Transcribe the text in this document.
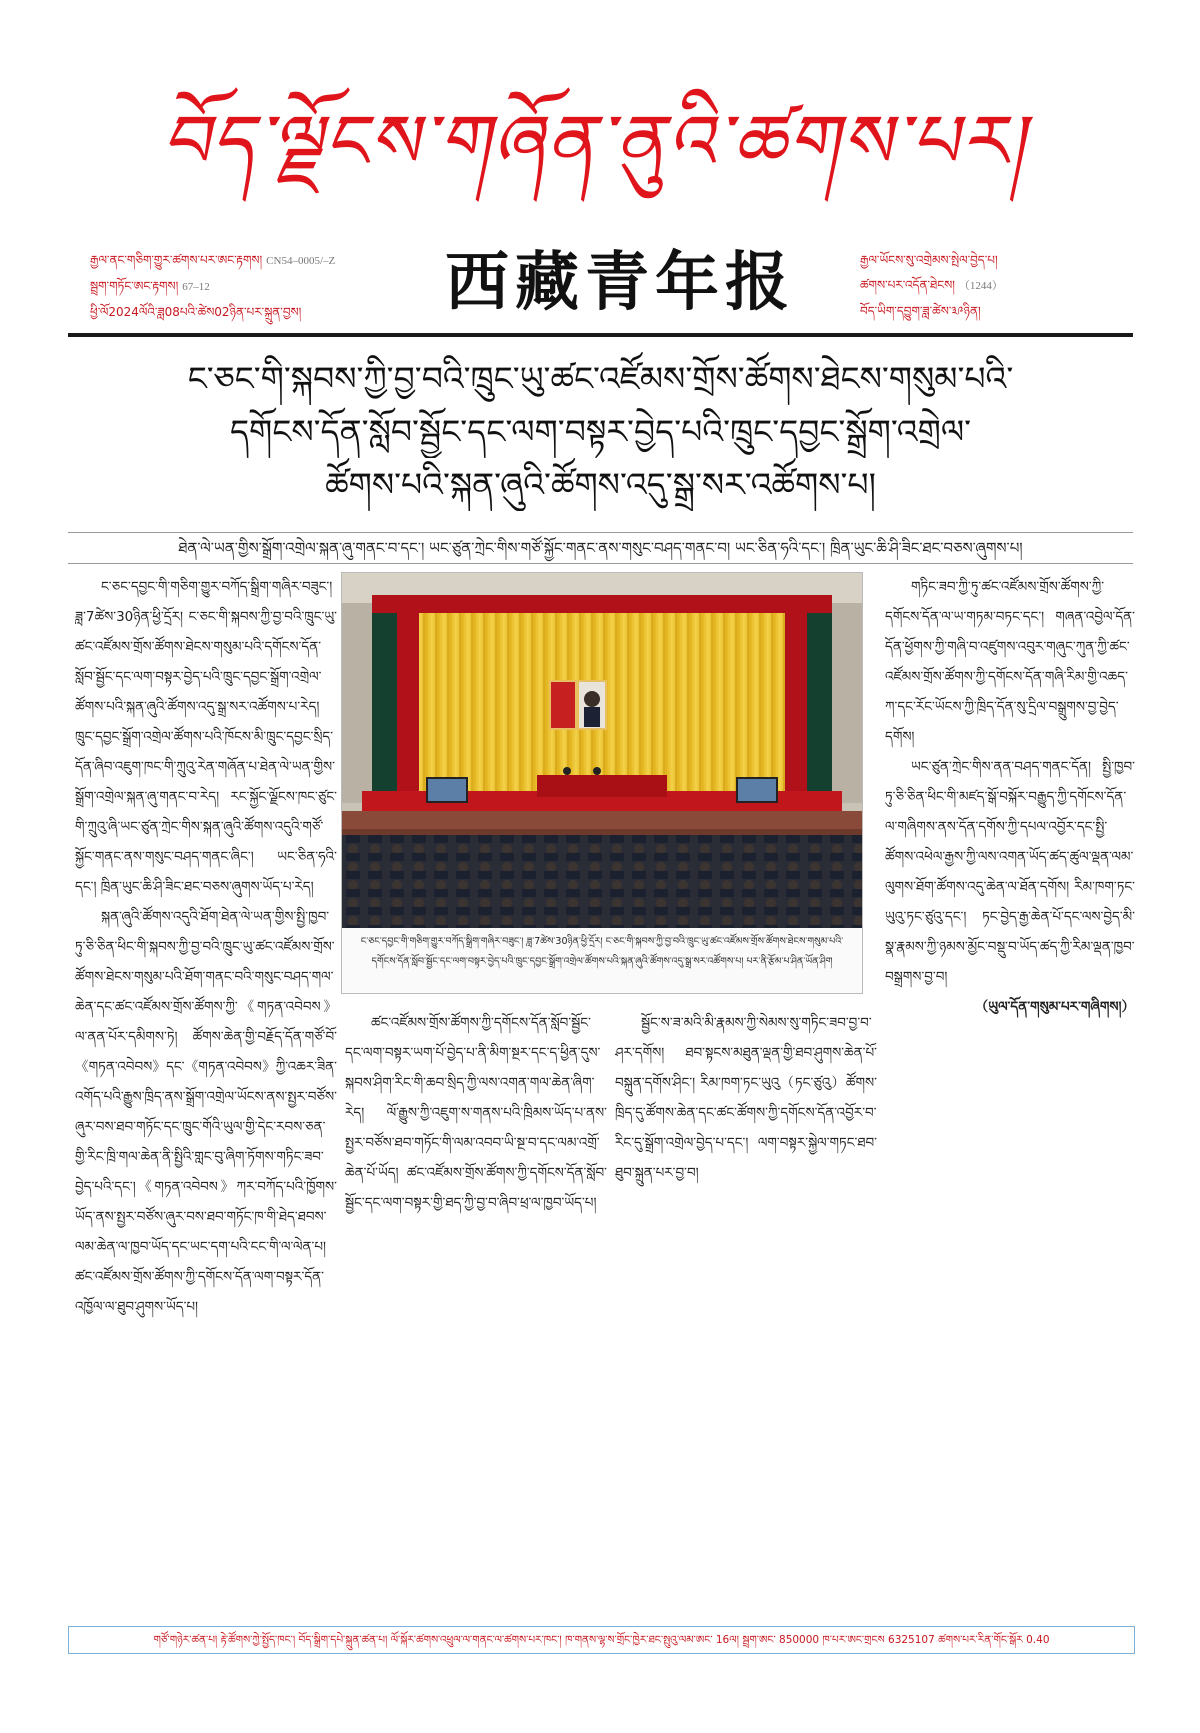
བོད་ལྗོངས་གཞོན་ནུའི་ཚགས་པར།
རྒྱལ་ནང་གཅིག་གྱུར་ཚགས་པར་ཨང་རྟགས། CN54–0005/–Z
སྦྲག་གཏོང་ཨང་རྟགས། 67–12
ཕྱི་ལོ2024ལོའི་ཟླ08པའི་ཚེས02ཉིན་པར་སྐྲུན་བྱས།	西藏青年报	རྒྱལ་ཡོངས་སུ་འགྲེམས་སྤེལ་བྱེད་པ།
ཚགས་པར་འདོན་ཐེངས། （1244）
བོད་ཡིག་དབྱུག་ཟླ་ཚེས་༣༩ཉིན།
ང་ཅང་གི་སྐབས་ཀྱི་བྱ་བའི་ཁྲུང་ཡུ་ཚང་འཛོམས་གྲོས་ཚོགས་ཐེངས་གསུམ་པའི་
དགོངས་དོན་སློབ་སྦྱོང་དང་ལག་བསྟར་བྱེད་པའི་ཁྲུང་དབྱང་སྒྲོག་འགྲེལ་
ཚོགས་པའི་སྐན་ཞུའི་ཚོགས་འདུ་སྒྲ་སར་འཚོགས་པ།
ཐེན་ལེ་ཡན་གྱིས་སྒྲོག་འགྲེལ་སྐན་ཞུ་གནང་བ་དང་། ཡང་ཙུན་ཀྲེང་གིས་གཙོ་སྐྱོང་གནང་ནས་གསུང་བཤད་གནང་བ། ཡང་ཅིན་ཧའི་དང་། ཁྲིན་ཡུང་ཆི་ཤི་ཟིང་ཐང་བཅས་ཞུགས་པ།

ང་ཅང་དབྱང་གི་གཅིག་གྱུར་བཀོད་སྒྲིག་གཞིར་བཟུང་། ཟླ་7ཚེས་30ཉིན་ཕྱི་དྲོར། ང་ཅང་གི་སྐབས་ཀྱི་བྱ་བའི་ཁྲུང་ཡུ་ཚང་འཛོམས་གྲོས་ཚོགས་ཐེངས་གསུམ་པའི་དགོངས་དོན་སློབ་སྦྱོང་དང་ལག་བསྟར་བྱེད་པའི་ཁྲུང་དབྱང་སྒྲོག་འགྲེལ་ཚོགས་པའི་སྐན་ཞུའི་ཚོགས་འདུ་སྒྲ་སར་འཚོགས་པ་རེད། ཁྲུང་དབྱང་སྒྲོག་འགྲེལ་ཚོགས་པའི་ཁོངས་མི་ཁྲུང་དབྱང་སྲིད་དོན་ཞིབ་འཇུག་ཁང་གི་ཀྲུའུ་རེན་གཞོན་པ་ཐེན་ལེ་ཡན་གྱིས་སྒྲོག་འགྲེལ་སྐན་ཞུ་གནང་བ་རེད། རང་སྐྱོང་ལྗོངས་ཁང་ཙུང་གི་ཀྲུའུ་ཞི་ཡང་ཙུན་ཀྲེང་གིས་སྐན་ཞུའི་ཚོགས་འདུའི་གཙོ་སྐྱོང་གནང་ནས་གསུང་བཤད་གནང་ཞིང་། ཡང་ཅིན་ཧའི་དང་། ཁྲིན་ཡུང་ཆི་ཤི་ཟིང་ཐང་བཅས་ཞུགས་ཡོད་པ་རེད།

སྐན་ཞུའི་ཚོགས་འདུའི་ཐོག་ཐེན་ལེ་ཡན་གྱིས་སྤྱི་ཁྱབ་ཏུ་ཅི་ཅིན་ཕིང་གི་སྐབས་ཀྱི་བྱ་བའི་ཁྲུང་ཡུ་ཚང་འཛོམས་གྲོས་ཚོགས་ཐེངས་གསུམ་པའི་ཐོག་གནང་བའི་གསུང་བཤད་གལ་ཆེན་དང་ཚང་འཛོམས་གྲོས་ཚོགས་ཀྱི་《གཏན་འབེབས》ལ་ནན་པོར་དམིགས་ཏེ། ཚོགས་ཆེན་གྱི་བརྗོད་དོན་གཙོ་བོ་《གཏན་འབེབས》དང་《གཏན་འབེབས》ཀྱི་འཆར་ཟིན་འགོད་པའི་རྒྱུས་ཁྲིད་ནས་སྒྲོག་འགྲེལ་ཡོངས་ནས་སྤྱར་བཙོས་ཞུར་བས་ཐབ་གཏོང་དང་ཁྲུང་གོའི་ཡུལ་གྱི་དེང་རབས་ཅན་གྱི་རིང་ཁྲི་གལ་ཆེན་ནི་སྤྱིའི་གླང་བུ་ཞིག་ཏོགས་གཏིང་ཟབ་བྱེད་པའི་དང་།《གཏན་འབེབས》ཀར་བཀོད་པའི་ཁྱོགས་ཡོད་ནས་སྤྱར་བཙོས་ཞུར་བས་ཐབ་གཏོང་ཁ་གི་ཐེད་ཐབས་ལམ་ཆེན་ལ་ཁྱབ་ཡོད་དང་ཡང་དག་པའི་ངང་གི་ལ་ལེན་པ། ཚང་འཛོམས་གྲོས་ཚོགས་ཀྱི་དགོངས་དོན་ལག་བསྟར་དོན་འཁྱོལ་ལ་ཐུབ་ཤུགས་ཡོད་པ།

ང་ཅང་དབྱང་གི་གཅིག་གྱུར་བཀོད་སྒྲིག་གཞིར་བཟུང་། ཟླ་7ཚེས་30ཉིན་ཕྱི་དྲོར། ང་ཅང་གི་སྐབས་ཀྱི་བྱ་བའི་ཁྲུང་ཡུ་ཚང་འཛོམས་གྲོས་ཚོགས་ཐེངས་གསུམ་པའི་དགོངས་དོན་སློབ་སྦྱོང་དང་ལག་བསྟར་བྱེད་པའི་ཁྲུང་དབྱང་སྒྲོག་འགྲེལ་ཚོགས་པའི་སྐན་ཞུའི་ཚོགས་འདུ་སྒྲ་སར་འཚོགས་པ། པར་ནི་རྩོམ་པ་ཤིན་ཡོན་ཤིག

ཚང་འཛོམས་གྲོས་ཚོགས་ཀྱི་དགོངས་དོན་སློབ་སྦྱོང་དང་ལག་བསྟར་ཡག་པོ་བྱེད་པ་ནི་མིག་སྔར་དང་ད་ཕྱིན་དུས་སྐབས་ཤིག་རིང་གི་ཆབ་སྲིད་ཀྱི་ལས་འགན་གལ་ཆེན་ཞིག་རེད། ལོ་རྒྱུས་ཀྱི་འཇུག་ས་གནས་པའི་ཁྲིམས་ཡོད་པ་ནས་སྤྱར་བཙོས་ཐབ་གཏོང་གི་ལམ་འབབ་ཡི་སྔ་བ་དང་ལམ་འགྲོ་ཆེན་པོ་ཡོད། ཚང་འཛོམས་གྲོས་ཚོགས་ཀྱི་དགོངས་དོན་སློབ་སྦྱོང་དང་ལག་བསྟར་གྱི་ཐད་ཀྱི་བྱ་བ་ཞིབ་ཕྲ་ལ་ཁྱབ་ཡོད་པ།

སྦྱོང་ས་ཟ་མའི་མི་རྣམས་ཀྱི་སེམས་སུ་གཏིང་ཟབ་བྱ་བ་ཤར་དགོས། ཐབ་སྟངས་མཐུན་ལྡན་གྱི་ཐབ་ཤུགས་ཆེན་པོ་བསྐྲུན་དགོས་ཤིང་། རིམ་ཁག་ཏང་ཡུའུ（ཏང་ཙུའུ）ཚོགས་ཁྲིད་དུ་ཚོགས་ཆེན་དང་ཚང་ཚོགས་ཀྱི་དགོངས་དོན་འབྱོར་བ་རིང་དུ་སྒྲོག་འགྲེལ་བྱེད་པ་དང་། ལག་བསྟར་སྐྱེལ་གཏང་ཐབ་ཐུབ་སྐྲུན་པར་བྱ་བ།

གཏིང་ཟབ་ཀྱི་ཏུ་ཚང་འཛོམས་གྲོས་ཚོགས་ཀྱི་དགོངས་དོན་ལ་ཡ་གཏམ་བཏང་དང་། གཞན་འབྱེལ་དོན་དོན་ཕྱོགས་ཀྱི་གཞི་བ་འཛུགས་འབུར་གཞུང་ཀུན་ཀྱི་ཚང་འཛོམས་གྲོས་ཚོགས་ཀྱི་དགོངས་དོན་གཞི་རིམ་གྱི་འཆད་ཀ་དང་རོང་ཡོངས་ཀྱི་ཁྲིད་དོན་སུ་དྲིལ་བསྒྲུགས་བྱ་བྱེད་དགོས།

ཡང་ཙུན་ཀྲེང་གིས་ནན་བཤད་གནང་དོན། སྤྱི་ཁྱབ་ཏུ་ཅི་ཅིན་ཕིང་གི་མཛད་སྒོ་བསྐོར་བརྒྱུད་ཀྱི་དགོངས་དོན་ལ་གཞིགས་ནས་དོན་དགོས་ཀྱི་དཔལ་འབྱོར་དང་སྤྱི་ཚོགས་འཕེལ་རྒྱས་ཀྱི་ལས་འགན་ཡོད་ཚད་ཚུལ་ལྡན་ལམ་ལུགས་ཐོག་ཚོགས་འདུ་ཆེན་ལ་ཐོན་དགོས། རིམ་ཁག་ཏང་ཡུའུ་ཏང་ཙུའུ་དང་། ཏང་བྱེད་རྒྱ་ཆེན་པོ་དང་ལས་བྱེད་མི་སྣ་རྣམས་ཀྱི་ཉམས་མྱོང་བསྡུ་བ་ཡོད་ཚད་ཀྱི་རིམ་ལྡན་ཁྱབ་བསྒྲགས་བྱ་བ།

（ཡུལ་དོན་གསུམ་པར་གཞིགས།）

གཙོ་གཉེར་ཚན་པ། རྟེ་ཚོགས་ཀྱེ་སྤྱོད་ཁང་། བོད་སྒྲིག་དཔེ་སྐྲུན་ཚན་པ། ལོ་སྐོར་ཚགས་འཕྲུལ་ལ་གནང་ལ་ཚགས་པར་ཁང་། ཁ་གནས་ལྷ་ས་གྲོང་ཁྱེར་ཐང་སྤུའུ་ལམ་ཨང་ 16ལ། སྦྲག་ཨང་ 850000 ཁ་པར་ཨང་གྲངས 6325107 ཚགས་པར་རིན་གོང་སྒོར 0.40
